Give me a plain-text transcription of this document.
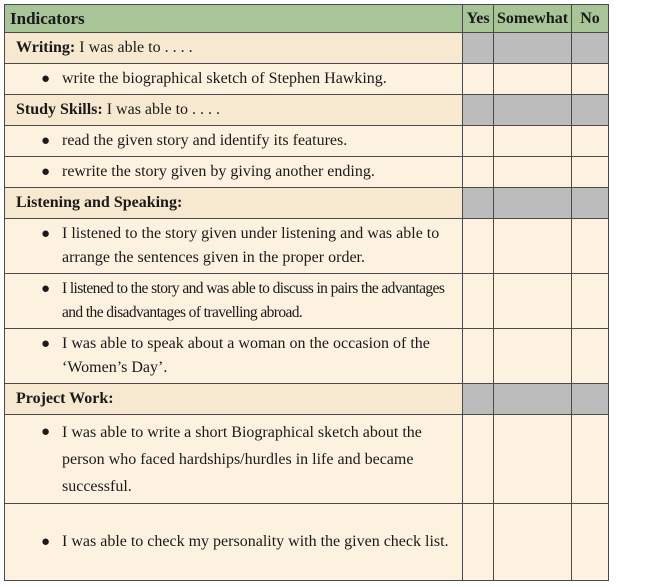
Indicators	Yes	Somewhat	No
Writing: I was able to . . . .			

● write the biographical sketch of Stephen Hawking.			

Study Skills: I was able to . . . .			

● read the given story and identify its features.			

● rewrite the story given by giving another ending.			

Listening and Speaking:			

● I listened to the story given under listening and was able to arrange the sentences given in the proper order.			

● I listened to the story and was able to discuss in pairs the advantages and the disadvantages of travelling abroad.			

● I was able to speak about a woman on the occasion of the ‘Women’s Day’.			

Project Work:			

● I was able to write a short Biographical sketch about the person who faced hardships/hurdles in life and became successful.			

● I was able to check my personality with the given check list.			
